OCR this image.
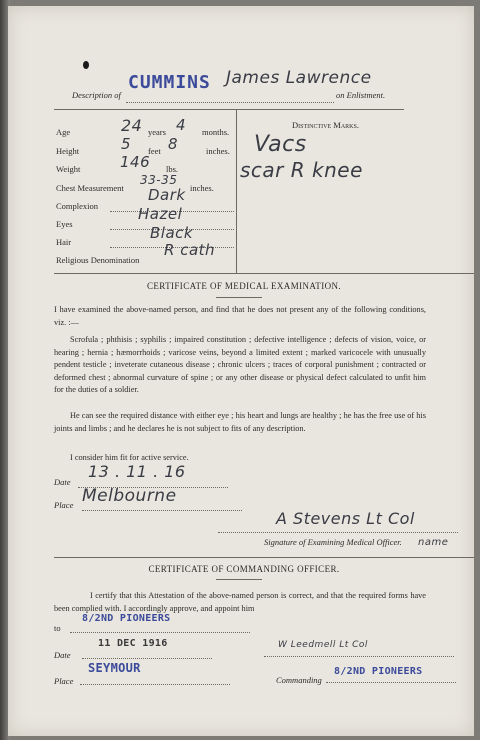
Description of
CUMMINS James Lawrence
on Enlistment.
Age	24 years 4 months.
Height	5 feet 8	inches.
Weight	146 lbs.
Chest Measurement
33-35
inches.
Complexion
Dark
Eyes
Hazel
Hair	Black
Religious Denomination
R cath
Distinctive Marks.
Vacs
scar R knee
CERTIFICATE OF MEDICAL EXAMINATION.
I have examined the above-named person, and find that he does not present any of the following conditions, viz. :—
Scrofula ; phthisis ; syphilis ; impaired constitution ; defective intelligence ; defects of vision, voice, or hearing ; hernia ; hæmorrhoids ; varicose veins, beyond a limited extent ; marked varicocele with unusually pendent testicle ; inveterate cutaneous disease ; chronic ulcers ; traces of corporal punishment ; contracted or deformed chest ; abnormal curvature of spine ; or any other disease or physical defect calculated to unfit him for the duties of a soldier.
He can see the required distance with either eye ; his heart and lungs are healthy ; he has the free use of his joints and limbs ; and he declares he is not subject to fits of any description.
I consider him fit for active service.
Date
13 . 11 . 16
Place Melbourne
A Stevens Lt Col
Signature of Examining Medical Officer. name
CERTIFICATE OF COMMANDING OFFICER.
I certify that this Attestation of the above-named person is correct, and that the required forms have been complied with. I accordingly approve, and appoint him
to
8/2ND PIONEERS
Date
11 DEC 1916	W Leedmell Lt Col
Place
SEYMOUR
Commanding
8/2ND PIONEERS
